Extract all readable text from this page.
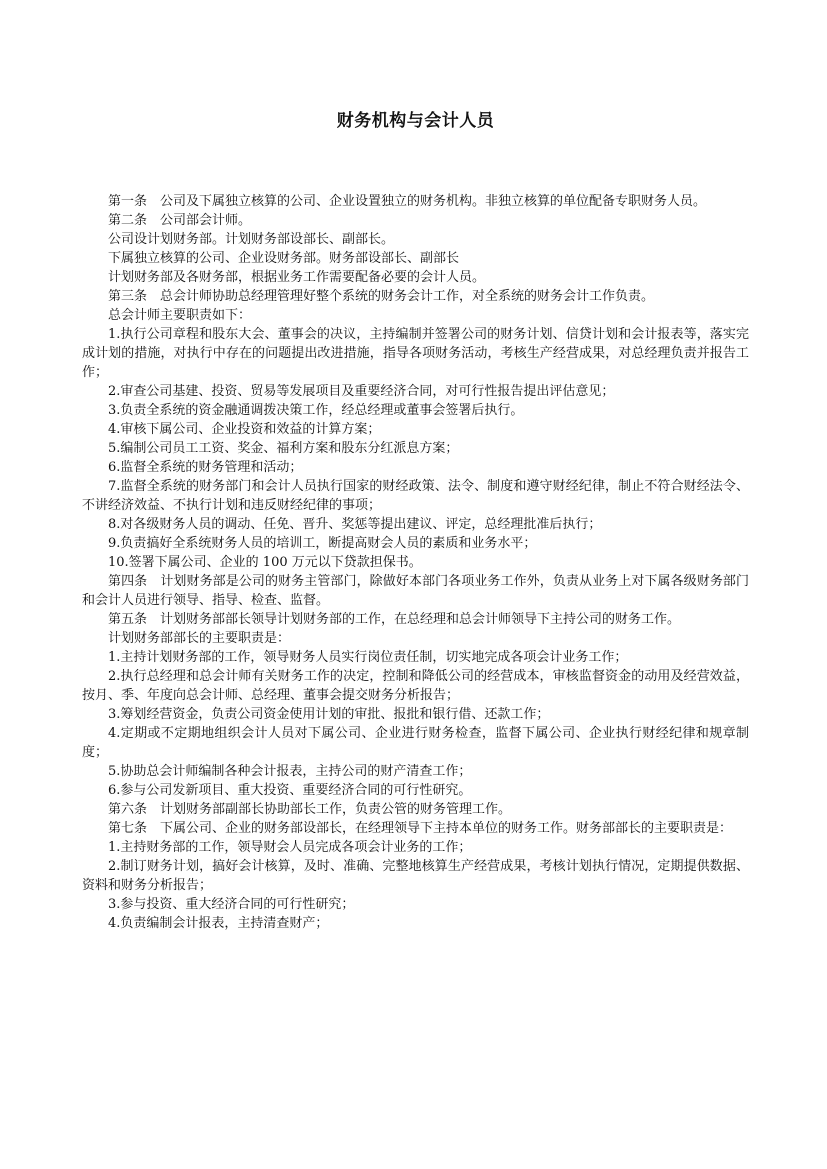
财务机构与会计人员

第一条　公司及下属独立核算的公司、企业设置独立的财务机构。非独立核算的单位配备专职财务人员。

第二条　公司部会计师。

公司设计划财务部。计划财务部设部长、副部长。

下属独立核算的公司、企业设财务部。财务部设部长、副部长

计划财务部及各财务部，根据业务工作需要配备必要的会计人员。

第三条　总会计师协助总经理管理好整个系统的财务会计工作，对全系统的财务会计工作负责。

总会计师主要职责如下：

1.执行公司章程和股东大会、董事会的决议，主持编制并签署公司的财务计划、信贷计划和会计报表等，落实完成计划的措施，对执行中存在的问题提出改进措施，指导各项财务活动，考核生产经营成果，对总经理负责并报告工作；

2.审查公司基建、投资、贸易等发展项目及重要经济合同，对可行性报告提出评估意见；

3.负责全系统的资金融通调拨决策工作，经总经理或董事会签署后执行。

4.审核下属公司、企业投资和效益的计算方案；

5.编制公司员工工资、奖金、福利方案和股东分红派息方案；

6.监督全系统的财务管理和活动；

7.监督全系统的财务部门和会计人员执行国家的财经政策、法令、制度和遵守财经纪律，制止不符合财经法令、不讲经济效益、不执行计划和违反财经纪律的事项；

8.对各级财务人员的调动、任免、晋升、奖惩等提出建议、评定，总经理批准后执行；

9.负责搞好全系统财务人员的培训工，断提高财会人员的素质和业务水平；

10.签署下属公司、企业的 100 万元以下贷款担保书。

第四条　计划财务部是公司的财务主管部门，除做好本部门各项业务工作外，负责从业务上对下属各级财务部门和会计人员进行领导、指导、检查、监督。

第五条　计划财务部部长领导计划财务部的工作，在总经理和总会计师领导下主持公司的财务工作。

计划财务部部长的主要职责是：

1.主持计划财务部的工作，领导财务人员实行岗位责任制，切实地完成各项会计业务工作；

2.执行总经理和总会计师有关财务工作的决定，控制和降低公司的经营成本，审核监督资金的动用及经营效益，按月、季、年度向总会计师、总经理、董事会提交财务分析报告；

3.筹划经营资金，负责公司资金使用计划的审批、报批和银行借、还款工作；

4.定期或不定期地组织会计人员对下属公司、企业进行财务检查，监督下属公司、企业执行财经纪律和规章制度；

5.协助总会计师编制各种会计报表，主持公司的财产清查工作；

6.参与公司发新项目、重大投资、重要经济合同的可行性研究。

第六条　计划财务部副部长协助部长工作，负责公管的财务管理工作。

第七条　下属公司、企业的财务部设部长，在经理领导下主持本单位的财务工作。财务部部长的主要职责是：

1.主持财务部的工作，领导财会人员完成各项会计业务的工作；

2.制订财务计划，搞好会计核算，及时、准确、完整地核算生产经营成果，考核计划执行情况，定期提供数据、资料和财务分析报告；

3.参与投资、重大经济合同的可行性研究；

4.负责编制会计报表，主持清查财产；
